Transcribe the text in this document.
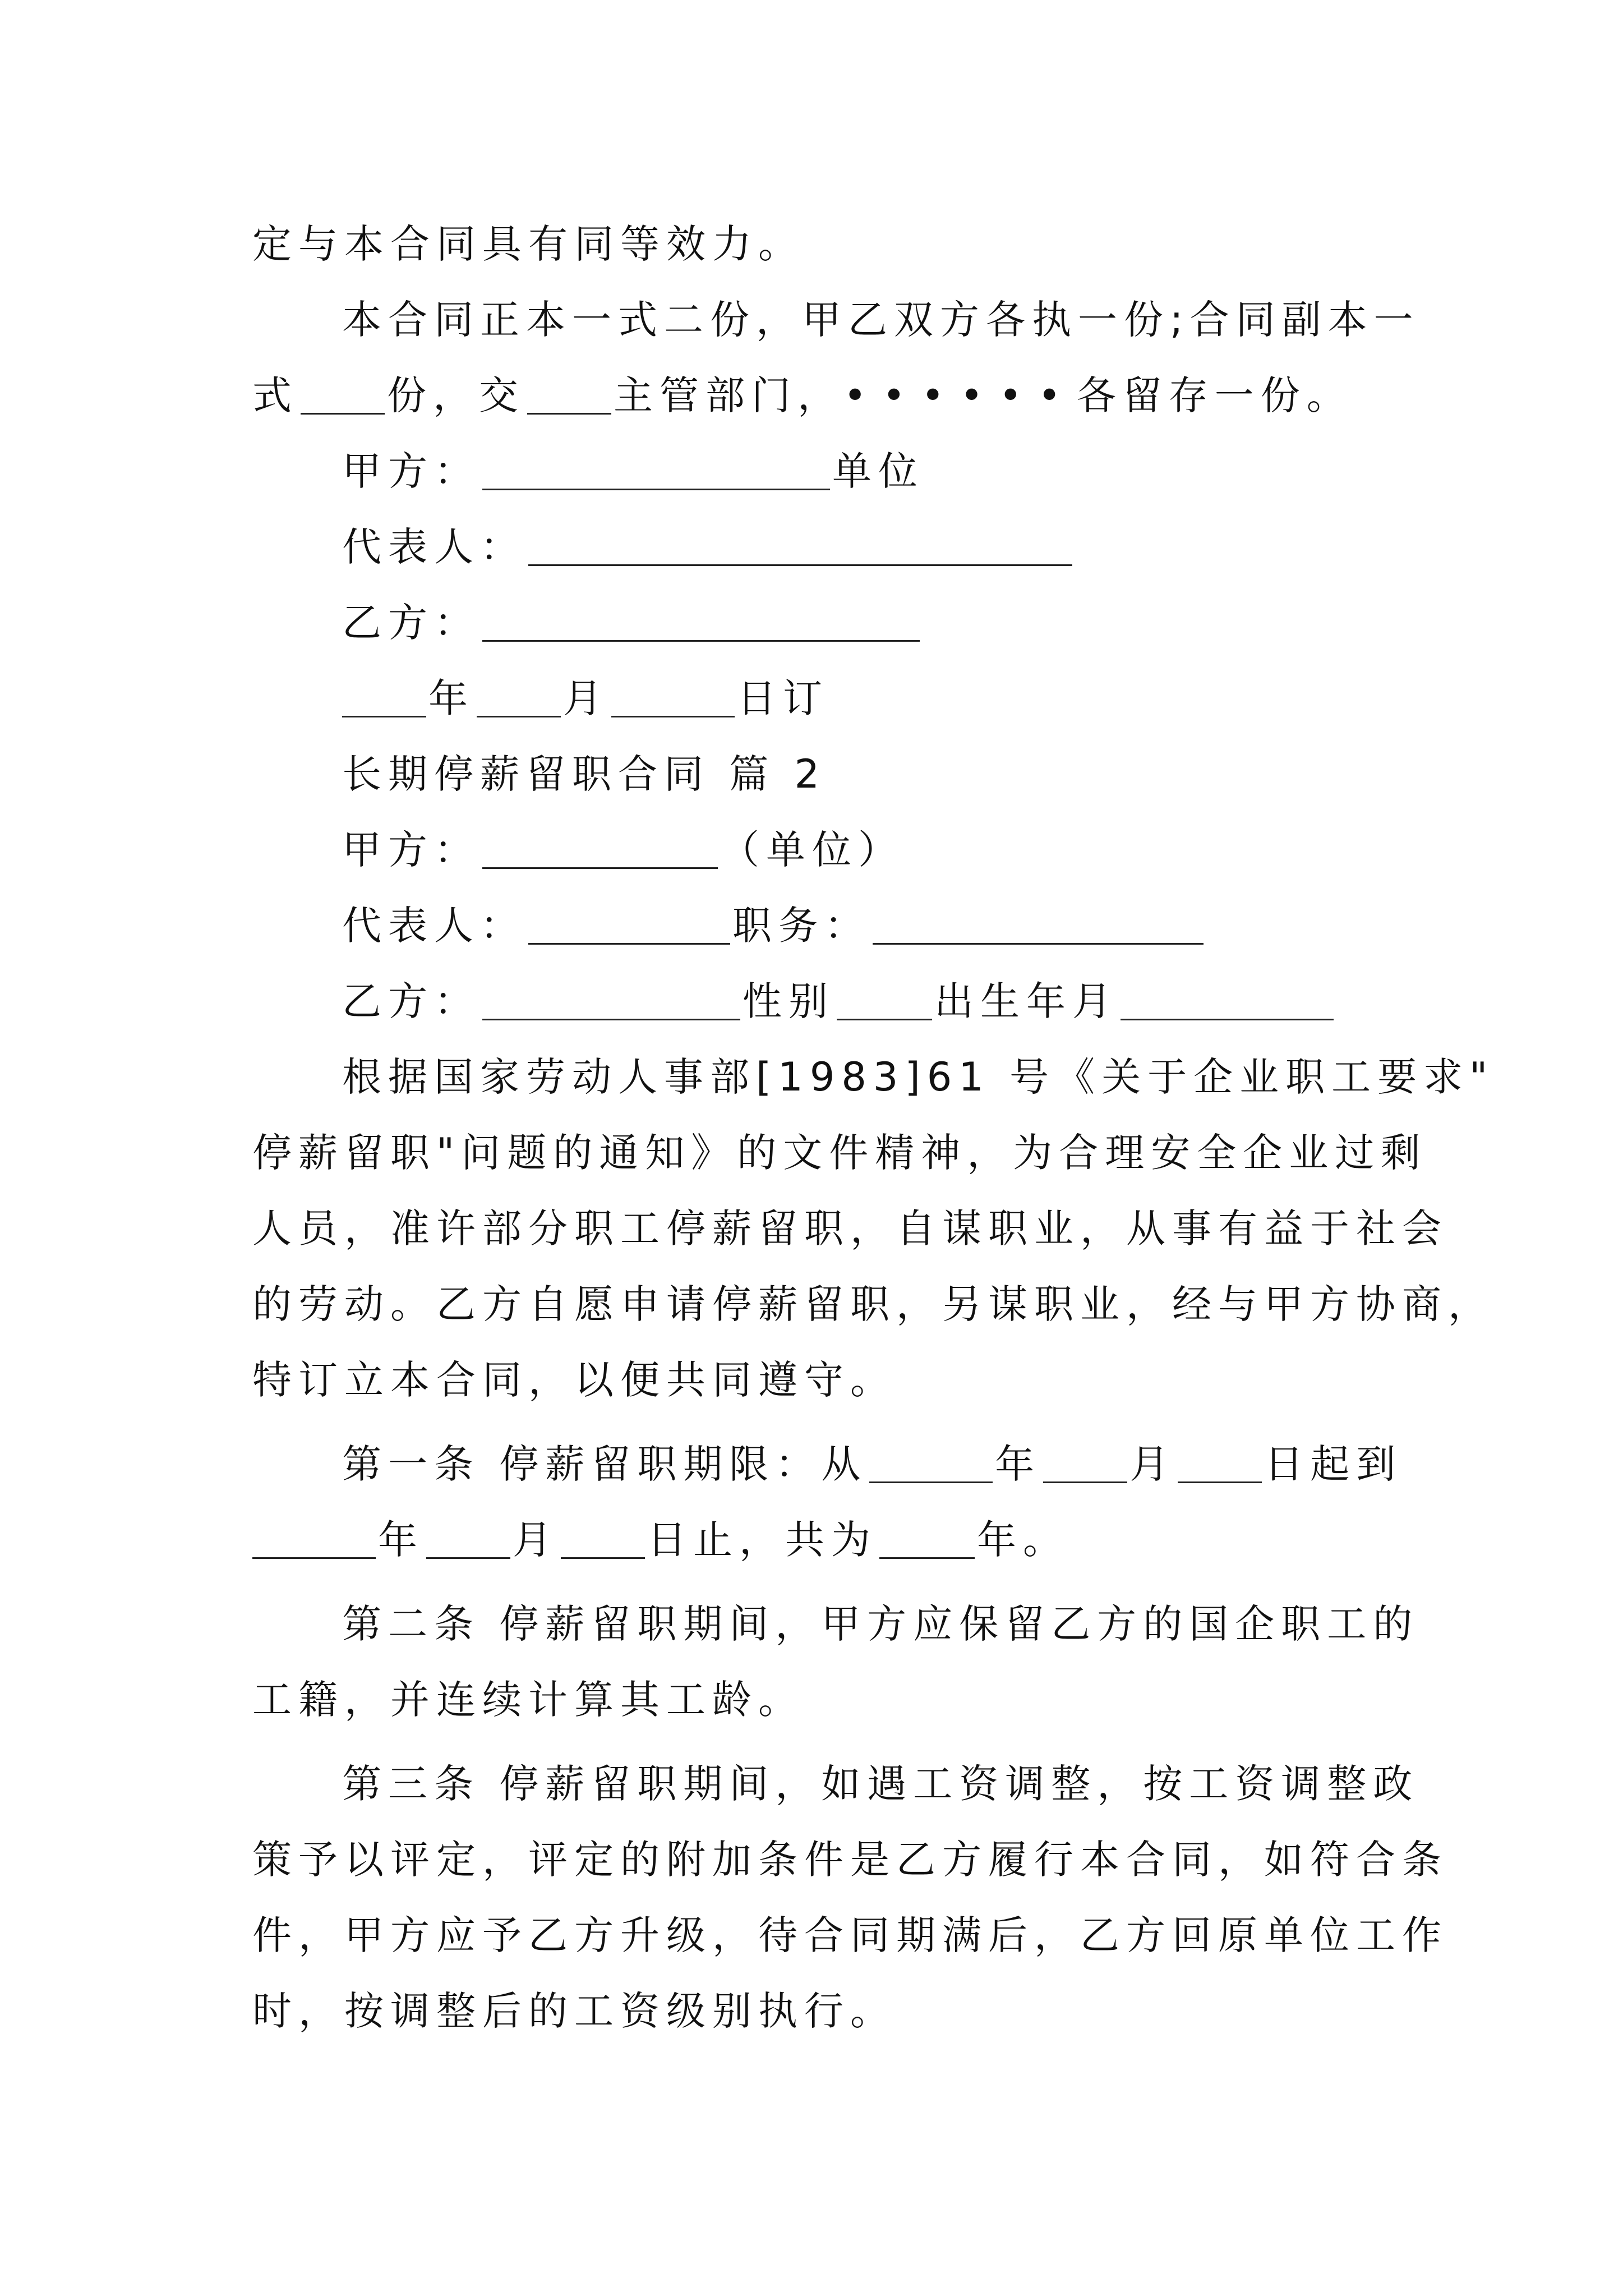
定与本合同具有同等效力。
本合同正本一式二份，甲乙双方各执一份;合同副本一
式 份，交 主管部门，••••••各留存一份。
甲方：	单位
代表人：
乙方：
年 月	日订
长期停薪留职合同 篇 2
甲方：	（单位）
代表人：	职务：
乙方：	性别	出生年月
根据国家劳动人事部[1983]61 号《关于企业职工要求"
停薪留职"问题的通知》的文件精神，为合理安全企业过剩
人员，准许部分职工停薪留职，自谋职业，从事有益于社会
的劳动。乙方自愿申请停薪留职，另谋职业，经与甲方协商，
特订立本合同，以便共同遵守。
第一条 停薪留职期限：从	年 月 日起到
年 月 日止，共为	年。
第二条 停薪留职期间，甲方应保留乙方的国企职工的
工籍，并连续计算其工龄。
第三条 停薪留职期间，如遇工资调整，按工资调整政
策予以评定，评定的附加条件是乙方履行本合同，如符合条
件，甲方应予乙方升级，待合同期满后，乙方回原单位工作
时，按调整后的工资级别执行。
